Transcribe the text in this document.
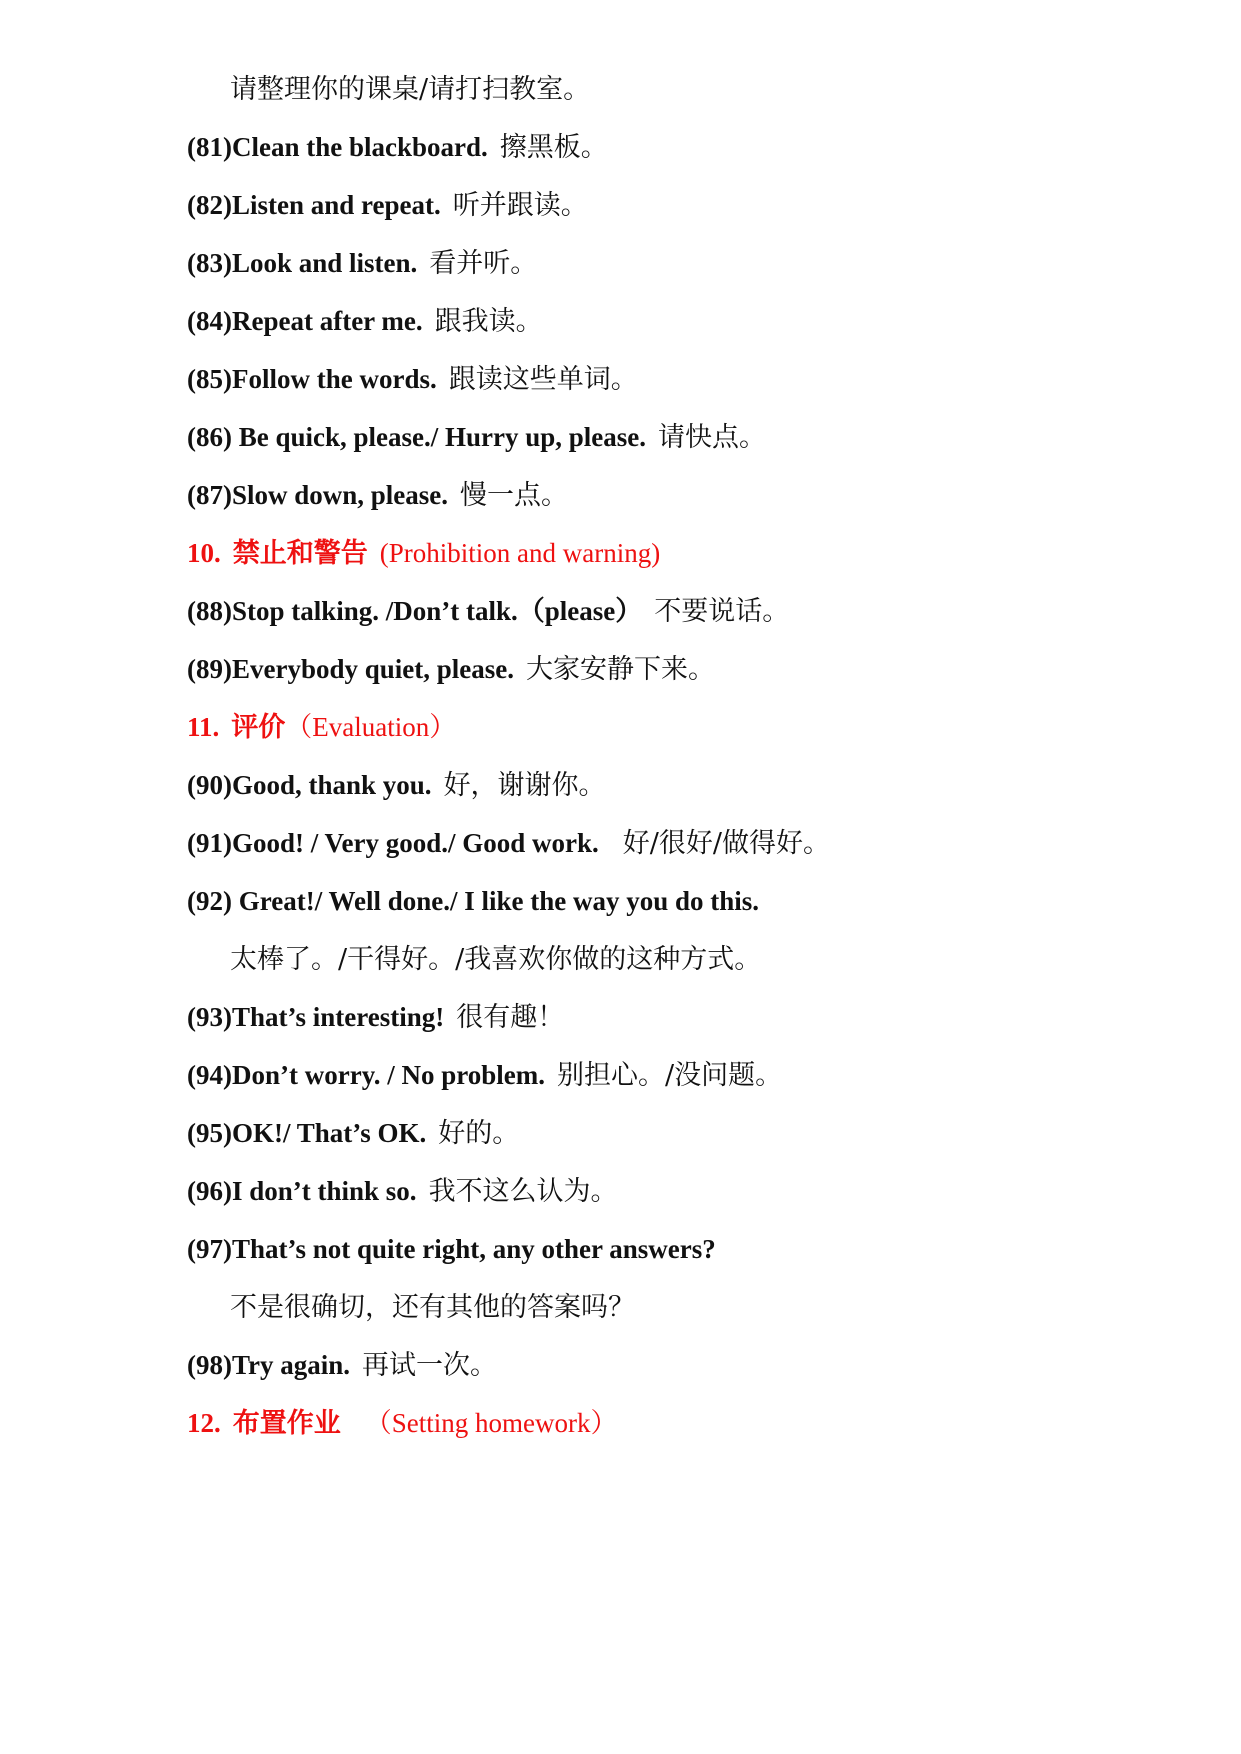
请整理你的课桌/请打扫教室。
(81)Clean the blackboard. 擦黑板。
(82)Listen and repeat. 听并跟读。
(83)Look and listen. 看并听。
(84)Repeat after me. 跟我读。
(85)Follow the words. 跟读这些单词。
(86) Be quick, please./ Hurry up, please. 请快点。
(87)Slow down, please. 慢一点。
10. 禁止和警告 (Prohibition and warning)
(88)Stop talking. /Don’t talk.（please） 不要说话。
(89)Everybody quiet, please. 大家安静下来。
11. 评价（Evaluation）
(90)Good, thank you. 好，谢谢你。
(91)Good! / Very good./ Good work. 好/很好/做得好。
(92) Great!/ Well done./ I like the way you do this.
太棒了。/干得好。/我喜欢你做的这种方式。
(93)That’s interesting! 很有趣！
(94)Don’t worry. / No problem. 别担心。/没问题。
(95)OK!/ That’s OK. 好的。
(96)I don’t think so. 我不这么认为。
(97)That’s not quite right, any other answers?
不是很确切，还有其他的答案吗？
(98)Try again. 再试一次。
12. 布置作业 （Setting homework）
